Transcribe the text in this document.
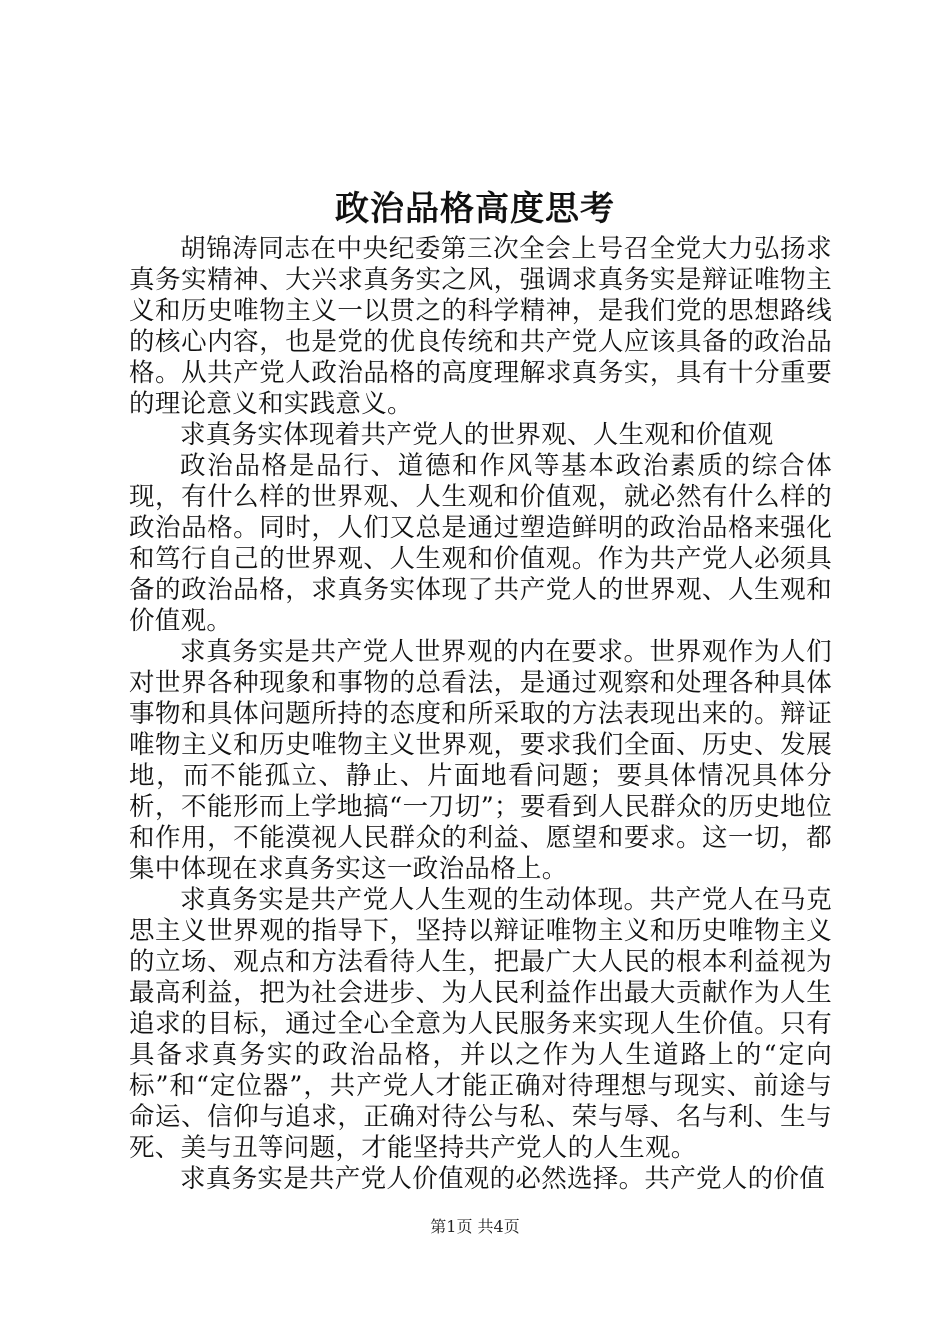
政治品格高度思考

胡锦涛同志在中央纪委第三次全会上号召全党大力弘扬求真务实精神、大兴求真务实之风，强调求真务实是辩证唯物主义和历史唯物主义一以贯之的科学精神，是我们党的思想路线的核心内容，也是党的优良传统和共产党人应该具备的政治品格。从共产党人政治品格的高度理解求真务实，具有十分重要的理论意义和实践意义。

求真务实体现着共产党人的世界观、人生观和价值观

政治品格是品行、道德和作风等基本政治素质的综合体现，有什么样的世界观、人生观和价值观，就必然有什么样的政治品格。同时，人们又总是通过塑造鲜明的政治品格来强化和笃行自己的世界观、人生观和价值观。作为共产党人必须具备的政治品格，求真务实体现了共产党人的世界观、人生观和价值观。

求真务实是共产党人世界观的内在要求。世界观作为人们对世界各种现象和事物的总看法，是通过观察和处理各种具体事物和具体问题所持的态度和所采取的方法表现出来的。辩证唯物主义和历史唯物主义世界观，要求我们全面、历史、发展地，而不能孤立、静止、片面地看问题；要具体情况具体分析，不能形而上学地搞“一刀切”；要看到人民群众的历史地位和作用，不能漠视人民群众的利益、愿望和要求。这一切，都集中体现在求真务实这一政治品格上。

求真务实是共产党人人生观的生动体现。共产党人在马克思主义世界观的指导下，坚持以辩证唯物主义和历史唯物主义的立场、观点和方法看待人生，把最广大人民的根本利益视为最高利益，把为社会进步、为人民利益作出最大贡献作为人生追求的目标，通过全心全意为人民服务来实现人生价值。只有具备求真务实的政治品格，并以之作为人生道路上的“定向标”和“定位器”，共产党人才能正确对待理想与现实、前途与命运、信仰与追求，正确对待公与私、荣与辱、名与利、生与死、美与丑等问题，才能坚持共产党人的人生观。

求真务实是共产党人价值观的必然选择。共产党人的价值

第1页 共4页
